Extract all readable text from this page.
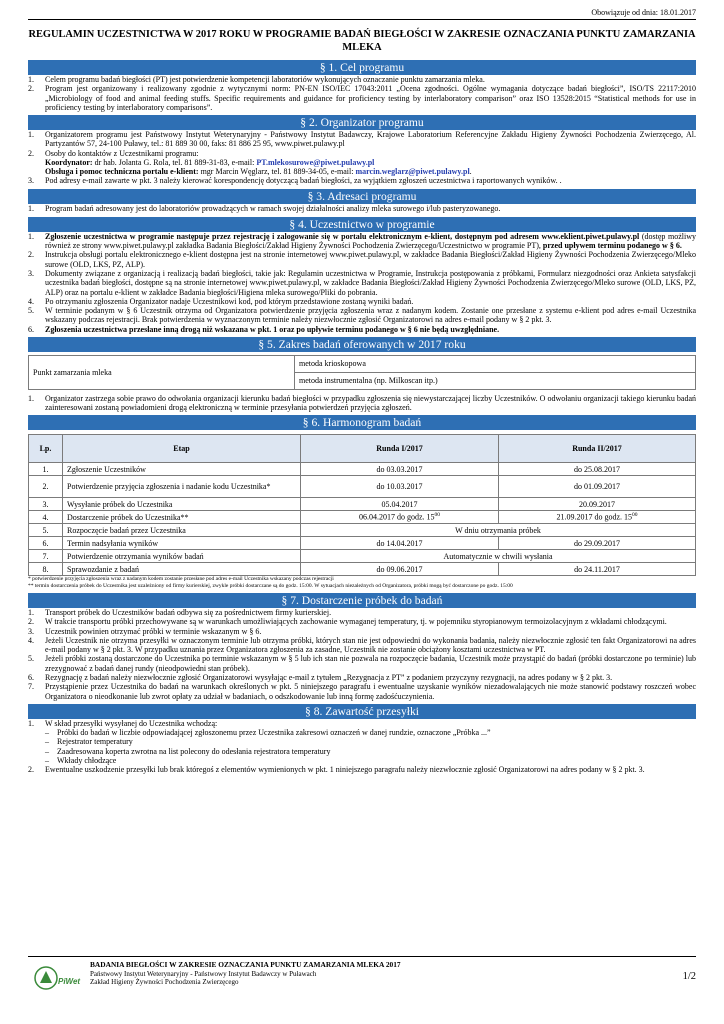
Obowiązuje od dnia: 18.01.2017
REGULAMIN UCZESTNICTWA W 2017 ROKU W PROGRAMIE BADAŃ BIEGŁOŚCI W ZAKRESIE OZNACZANIA PUNKTU ZAMARZANIA MLEKA
§ 1. Cel programu
1.	Celem programu badań biegłości (PT) jest potwierdzenie kompetencji laboratoriów wykonujących oznaczanie punktu zamarzania mleka.
2.	Program jest organizowany i realizowany zgodnie z wytycznymi norm: PN-EN ISO/IEC 17043:2011 „Ocena zgodności. Ogólne wymagania dotyczące badań biegłości”, ISO/TS 22117:2010 „Microbiology of food and animal feeding stuffs. Specific requirements and guidance for proficiency testing by interlaboratory comparison” oraz ISO 13528:2015 “Statistical methods for use in proficiency testing by interlaboratory comparisons”.
§ 2. Organizator programu
1.	Organizatorem programu jest Państwowy Instytut Weterynaryjny - Państwowy Instytut Badawczy, Krajowe Laboratorium Referencyjne Zakładu Higieny Żywności Pochodzenia Zwierzęcego, Al. Partyzantów 57, 24-100 Puławy, tel.: 81 889 30 00, faks: 81 886 25 95, www.piwet.pulawy.pl
2.	Osoby do kontaktów z Uczestnikami programu:
Koordynator: dr hab. Jolanta G. Rola, tel. 81 889-31-83, e-mail: PT.mlekosurowe@piwet.pulawy.pl
Obsługa i pomoc techniczna portalu e-klient: mgr Marcin Węglarz, tel. 81 889-34-05, e-mail: marcin.weglarz@piwet.pulawy.pl.
3.	Pod adresy e-mail zawarte w pkt. 3 należy kierować korespondencję dotyczącą badań biegłości, za wyjątkiem zgłoszeń uczestnictwa i raportowanych wyników. .
§ 3. Adresaci programu
1.	Program badań adresowany jest do laboratoriów prowadzących w ramach swojej działalności analizy mleka surowego i/lub pasteryzowanego.
§ 4. Uczestnictwo w programie
1.	Zgłoszenie uczestnictwa w programie następuje przez rejestrację i zalogowanie się w portalu elektronicznym e-klient, dostępnym pod adresem www.eklient.piwet.pulawy.pl (dostęp możliwy również ze strony www.piwet.pulawy.pl zakładka Badania Biegłości/Zakład Higieny Żywności Pochodzenia Zwierzęcego/Uczestnictwo w programie PT), przed upływem terminu podanego w § 6.
2.	Instrukcja obsługi portalu elektronicznego e-klient dostępna jest na stronie internetowej www.piwet.pulawy.pl, w zakładce Badania Biegłości/Zakład Higieny Żywności Pochodzenia Zwierzęcego/Mleko surowe (OLD, LKS, PZ, ALP).
3.	Dokumenty związane z organizacją i realizacją badań biegłości, takie jak: Regulamin uczestnictwa w Programie, Instrukcja postępowania z próbkami, Formularz niezgodności oraz Ankieta satysfakcji uczestnika badań biegłości, dostępne są na stronie internetowej www.piwet.pulawy.pl, w zakładce Badania Biegłości/Zakład Higieny Żywności Pochodzenia Zwierzęcego/Mleko surowe (OLD, LKS, PZ, ALP) oraz na portalu e-klient w zakładce Badania biegłości/Higiena mleka surowego/Pliki do pobrania.
4.	Po otrzymaniu zgłoszenia Organizator nadaje Uczestnikowi kod, pod którym przedstawione zostaną wyniki badań.
5.	W terminie podanym w § 6 Uczestnik otrzyma od Organizatora potwierdzenie przyjęcia zgłoszenia wraz z nadanym kodem. Zostanie one przesłane z systemu e-klient pod adres e-mail Uczestnika wskazany podczas rejestracji. Brak potwierdzenia w wyznaczonym terminie należy niezwłocznie zgłosić Organizatorowi na adres e-mail podany w § 2 pkt. 3.
6.	Zgłoszenia uczestnictwa przesłane inną drogą niż wskazana w pkt. 1 oraz po upływie terminu podanego w § 6 nie będą uwzględniane.
§ 5. Zakres badań oferowanych w 2017 roku
Punkt zamarzania mleka	metoda krioskopowa
metoda instrumentalna (np. Milkoscan itp.)
1.	Organizator zastrzega sobie prawo do odwołania organizacji kierunku badań biegłości w przypadku zgłoszenia się niewystarczającej liczby Uczestników. O odwołaniu organizacji takiego kierunku badań zainteresowani zostaną powiadomieni drogą elektroniczną w terminie przesyłania potwierdzeń przyjęcia zgłoszeń.
§ 6. Harmonogram badań
Lp.	Etap	Runda I/2017	Runda II/2017
1.	Zgłoszenie Uczestników	do 03.03.2017	do 25.08.2017
2.	Potwierdzenie przyjęcia zgłoszenia i nadanie kodu Uczestnika*	do 10.03.2017	do 01.09.2017
3.	Wysyłanie próbek do Uczestnika	05.04.2017	20.09.2017
4.	Dostarczenie próbek do Uczestnika**	06.04.2017 do godz. $15^{00}$	21.09.2017 do godz. $15^{00}$
5.	Rozpoczęcie badań przez Uczestnika	W dniu otrzymania próbek	
6.	Termin nadsyłania wyników	do 14.04.2017	do 29.09.2017
7.	Potwierdzenie otrzymania wyników badań	Automatycznie w chwili wysłania	
8.	Sprawozdanie z badań	do 09.06.2017	do 24.11.2017
* potwierdzenie przyjęcia zgłoszenia wraz z nadanym kodem zostanie przesłane pod adres e-mail Uczestnika wskazany podczas rejestracji
** termin dostarczenia próbek do Uczestnika jest uzależniony od firmy kurierskiej, zwykle próbki dostarczane są do godz. 15:00. W sytuacjach niezależnych od Organizatora, próbki mogą być dostarczone po godz. 15:00
§ 7. Dostarczenie próbek do badań
1.	Transport próbek do Uczestników badań odbywa się za pośrednictwem firmy kurierskiej.
2.	W trakcie transportu próbki przechowywane są w warunkach umożliwiających zachowanie wymaganej temperatury, tj. w pojemniku styropianowym termoizolacyjnym z wkładami chłodzącymi.
3.	Uczestnik powinien otrzymać próbki w terminie wskazanym w § 6.
4.	Jeżeli Uczestnik nie otrzyma przesyłki w oznaczonym terminie lub otrzyma próbki, których stan nie jest odpowiedni do wykonania badania, należy niezwłocznie zgłosić ten fakt Organizatorowi na adres e-mail podany w § 2 pkt. 3. W przypadku uznania przez Organizatora zgłoszenia za zasadne, Uczestnik nie zostanie obciążony kosztami uczestnictwa w PT.
5.	Jeżeli próbki zostaną dostarczone do Uczestnika po terminie wskazanym w § 5 lub ich stan nie pozwala na rozpoczęcie badania, Uczestnik może przystąpić do badań (próbki dostarczone po terminie) lub zrezygnować z badań danej rundy (nieodpowiedni stan próbek).
6.	Rezygnację z badań należy niezwłocznie zgłosić Organizatorowi wysyłając e-mail z tytułem „Rezygnacja z PT” z podaniem przyczyny rezygnacji, na adres podany w § 2 pkt. 3.
7.	Przystąpienie przez Uczestnika do badań na warunkach określonych w pkt. 5 niniejszego paragrafu i ewentualne uzyskanie wyników niezadowalających nie może stanowić podstawy roszczeń wobec Organizatora o nieodkonanie lub zwrot opłaty za udział w badaniach, o odszkodowanie lub inną formę zadośćuczynienia.
§ 8. Zawartość przesyłki
1.	W skład przesyłki wysyłanej do Uczestnika wchodzą:
– Próbki do badań w liczbie odpowiadającej zgłoszonemu przez Uczestnika zakresowi oznaczeń w danej rundzie, oznaczone „Próbka ...”
– Rejestrator temperatury
– Zaadresowana koperta zwrotna na list polecony do odesłania rejestratora temperatury
– Wkłady chłodzące
2.	Ewentualne uszkodzenie przesyłki lub brak któregoś z elementów wymienionych w pkt. 1 niniejszego paragrafu należy niezwłocznie zgłosić Organizatorowi na adres podany w § 2 pkt. 3.
PiWet
BADANIA BIEGŁOŚCI W ZAKRESIE OZNACZANIA PUNKTU ZAMARZANIA MLEKA 2017
Państwowy Instytut Weterynaryjny - Państwowy Instytut Badawczy w Puławach
Zakład Higieny Żywności Pochodzenia Zwierzęcego
1/2
